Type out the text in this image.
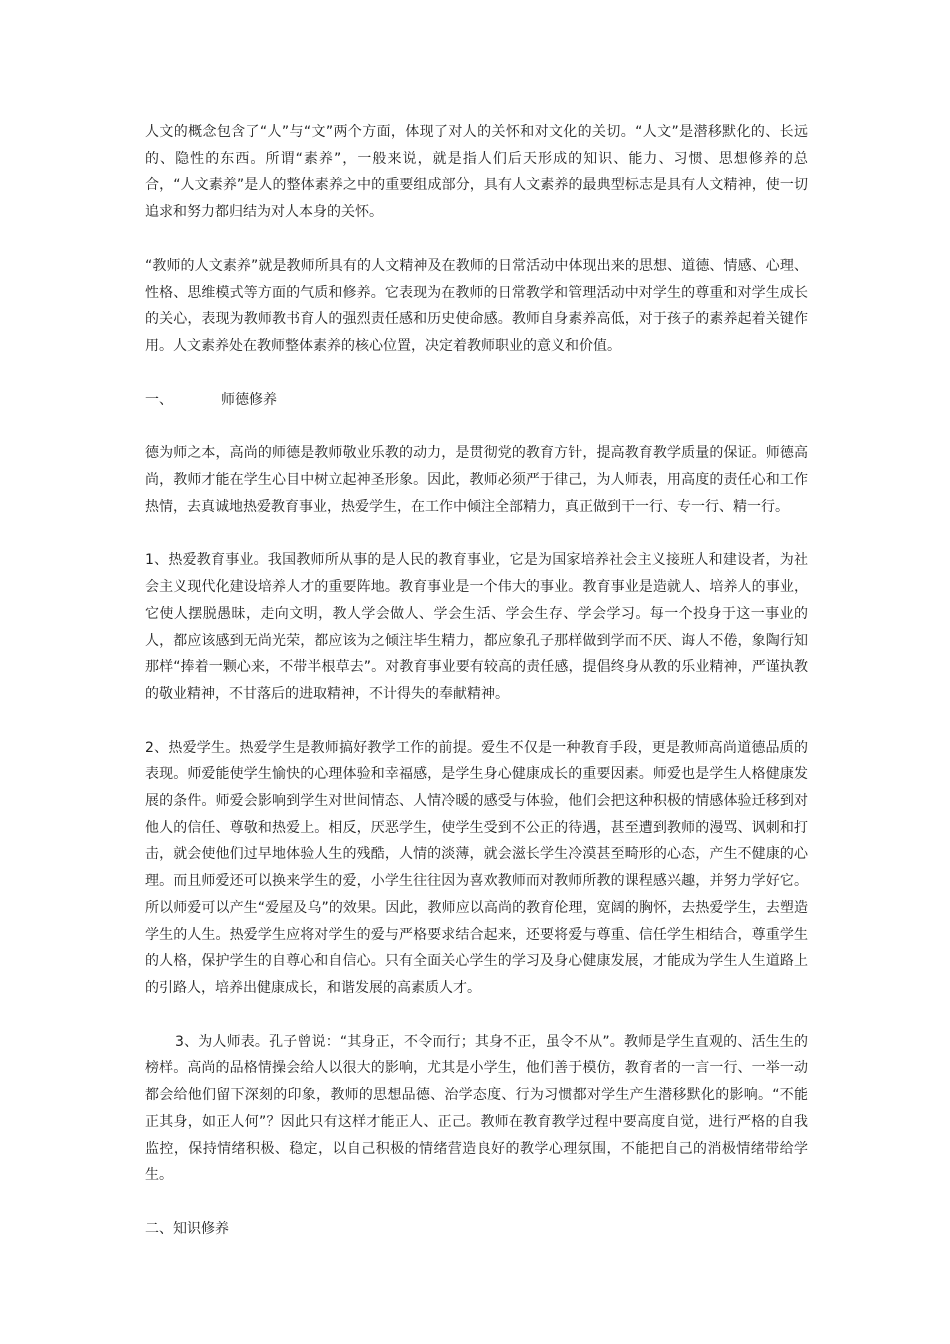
人文的概念包含了“人”与“文”两个方面，体现了对人的关怀和对文化的关切。“人文”是潜移默化的、长远的、隐性的东西。所谓“素养”，一般来说，就是指人们后天形成的知识、能力、习惯、思想修养的总合，“人文素养”是人的整体素养之中的重要组成部分，具有人文素养的最典型标志是具有人文精神，使一切追求和努力都归结为对人本身的关怀。

“教师的人文素养”就是教师所具有的人文精神及在教师的日常活动中体现出来的思想、道德、情感、心理、性格、思维模式等方面的气质和修养。它表现为在教师的日常教学和管理活动中对学生的尊重和对学生成长的关心，表现为教师教书育人的强烈责任感和历史使命感。教师自身素养高低，对于孩子的素养起着关键作用。人文素养处在教师整体素养的核心位置，决定着教师职业的意义和价值。

一、	师德修养

德为师之本，高尚的师德是教师敬业乐教的动力，是贯彻党的教育方针，提高教育教学质量的保证。师德高尚，教师才能在学生心目中树立起神圣形象。因此，教师必须严于律己，为人师表，用高度的责任心和工作热情，去真诚地热爱教育事业，热爱学生，在工作中倾注全部精力，真正做到干一行、专一行、精一行。

1、热爱教育事业。我国教师所从事的是人民的教育事业，它是为国家培养社会主义接班人和建设者，为社会主义现代化建设培养人才的重要阵地。教育事业是一个伟大的事业。教育事业是造就人、培养人的事业，它使人摆脱愚昧，走向文明，教人学会做人、学会生活、学会生存、学会学习。每一个投身于这一事业的人，都应该感到无尚光荣，都应该为之倾注毕生精力，都应象孔子那样做到学而不厌、诲人不倦，象陶行知那样“捧着一颗心来，不带半根草去”。对教育事业要有较高的责任感，提倡终身从教的乐业精神，严谨执教的敬业精神，不甘落后的进取精神，不计得失的奉献精神。

2、热爱学生。热爱学生是教师搞好教学工作的前提。爱生不仅是一种教育手段，更是教师高尚道德品质的表现。师爱能使学生愉快的心理体验和幸福感，是学生身心健康成长的重要因素。师爱也是学生人格健康发展的条件。师爱会影响到学生对世间情态、人情冷暖的感受与体验，他们会把这种积极的情感体验迁移到对他人的信任、尊敬和热爱上。相反，厌恶学生，使学生受到不公正的待遇，甚至遭到教师的漫骂、讽刺和打击，就会使他们过早地体验人生的残酷，人情的淡薄，就会滋长学生冷漠甚至畸形的心态，产生不健康的心理。而且师爱还可以换来学生的爱，小学生往往因为喜欢教师而对教师所教的课程感兴趣，并努力学好它。所以师爱可以产生“爱屋及乌”的效果。因此，教师应以高尚的教育伦理，宽阔的胸怀，去热爱学生，去塑造学生的人生。热爱学生应将对学生的爱与严格要求结合起来，还要将爱与尊重、信任学生相结合，尊重学生的人格，保护学生的自尊心和自信心。只有全面关心学生的学习及身心健康发展，才能成为学生人生道路上的引路人，培养出健康成长，和谐发展的高素质人才。

3、为人师表。孔子曾说：“其身正，不令而行；其身不正，虽令不从”。教师是学生直观的、活生生的榜样。高尚的品格情操会给人以很大的影响，尤其是小学生，他们善于模仿，教育者的一言一行、一举一动都会给他们留下深刻的印象，教师的思想品德、治学态度、行为习惯都对学生产生潜移默化的影响。“不能正其身，如正人何”？因此只有这样才能正人、正己。教师在教育教学过程中要高度自觉，进行严格的自我监控，保持情绪积极、稳定，以自己积极的情绪营造良好的教学心理氛围，不能把自己的消极情绪带给学生。

二、知识修养
